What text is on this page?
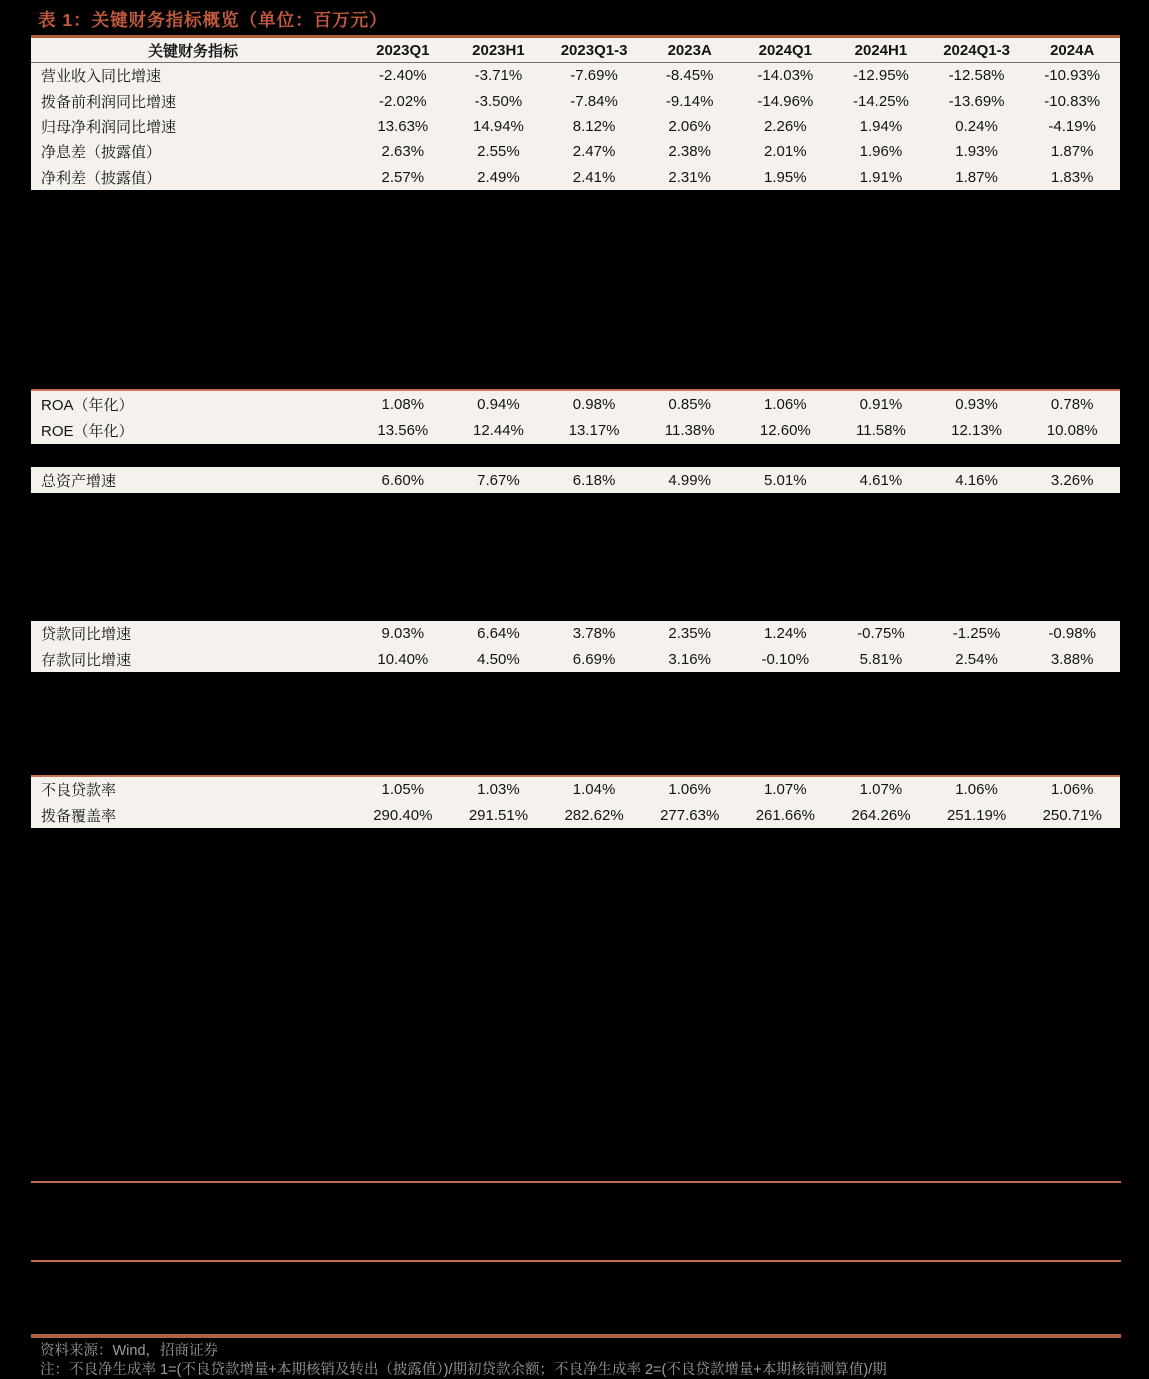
表 1：关键财务指标概览（单位：百万元）
关键财务指标	2023Q1	2023H1	2023Q1-3	2023A	2024Q1	2024H1	2024Q1-3	2024A
营业收入同比增速	-2.40%	-3.71%	-7.69%	-8.45%	-14.03%	-12.95%	-12.58%	-10.93%
拨备前利润同比增速	-2.02%	-3.50%	-7.84%	-9.14%	-14.96%	-14.25%	-13.69%	-10.83%
归母净利润同比增速	13.63%	14.94%	8.12%	2.06%	2.26%	1.94%	0.24%	-4.19%
净息差（披露值）	2.63%	2.55%	2.47%	2.38%	2.01%	1.96%	1.93%	1.87%
净利差（披露值）	2.57%	2.49%	2.41%	2.31%	1.95%	1.91%	1.87%	1.83%
ROA（年化）	1.08%	0.94%	0.98%	0.85%	1.06%	0.91%	0.93%	0.78%
ROE（年化）	13.56%	12.44%	13.17%	11.38%	12.60%	11.58%	12.13%	10.08%
总资产增速	6.60%	7.67%	6.18%	4.99%	5.01%	4.61%	4.16%	3.26%
贷款同比增速	9.03%	6.64%	3.78%	2.35%	1.24%	-0.75%	-1.25%	-0.98%
存款同比增速	10.40%	4.50%	6.69%	3.16%	-0.10%	5.81%	2.54%	3.88%
不良贷款率	1.05%	1.03%	1.04%	1.06%	1.07%	1.07%	1.06%	1.06%
拨备覆盖率	290.40%	291.51%	282.62%	277.63%	261.66%	264.26%	251.19%	250.71%
资料来源：Wind，招商证券
注：不良净生成率 1=(不良贷款增量+本期核销及转出（披露值）)/期初贷款余额；不良净生成率 2=(不良贷款增量+本期核销测算值)/期
